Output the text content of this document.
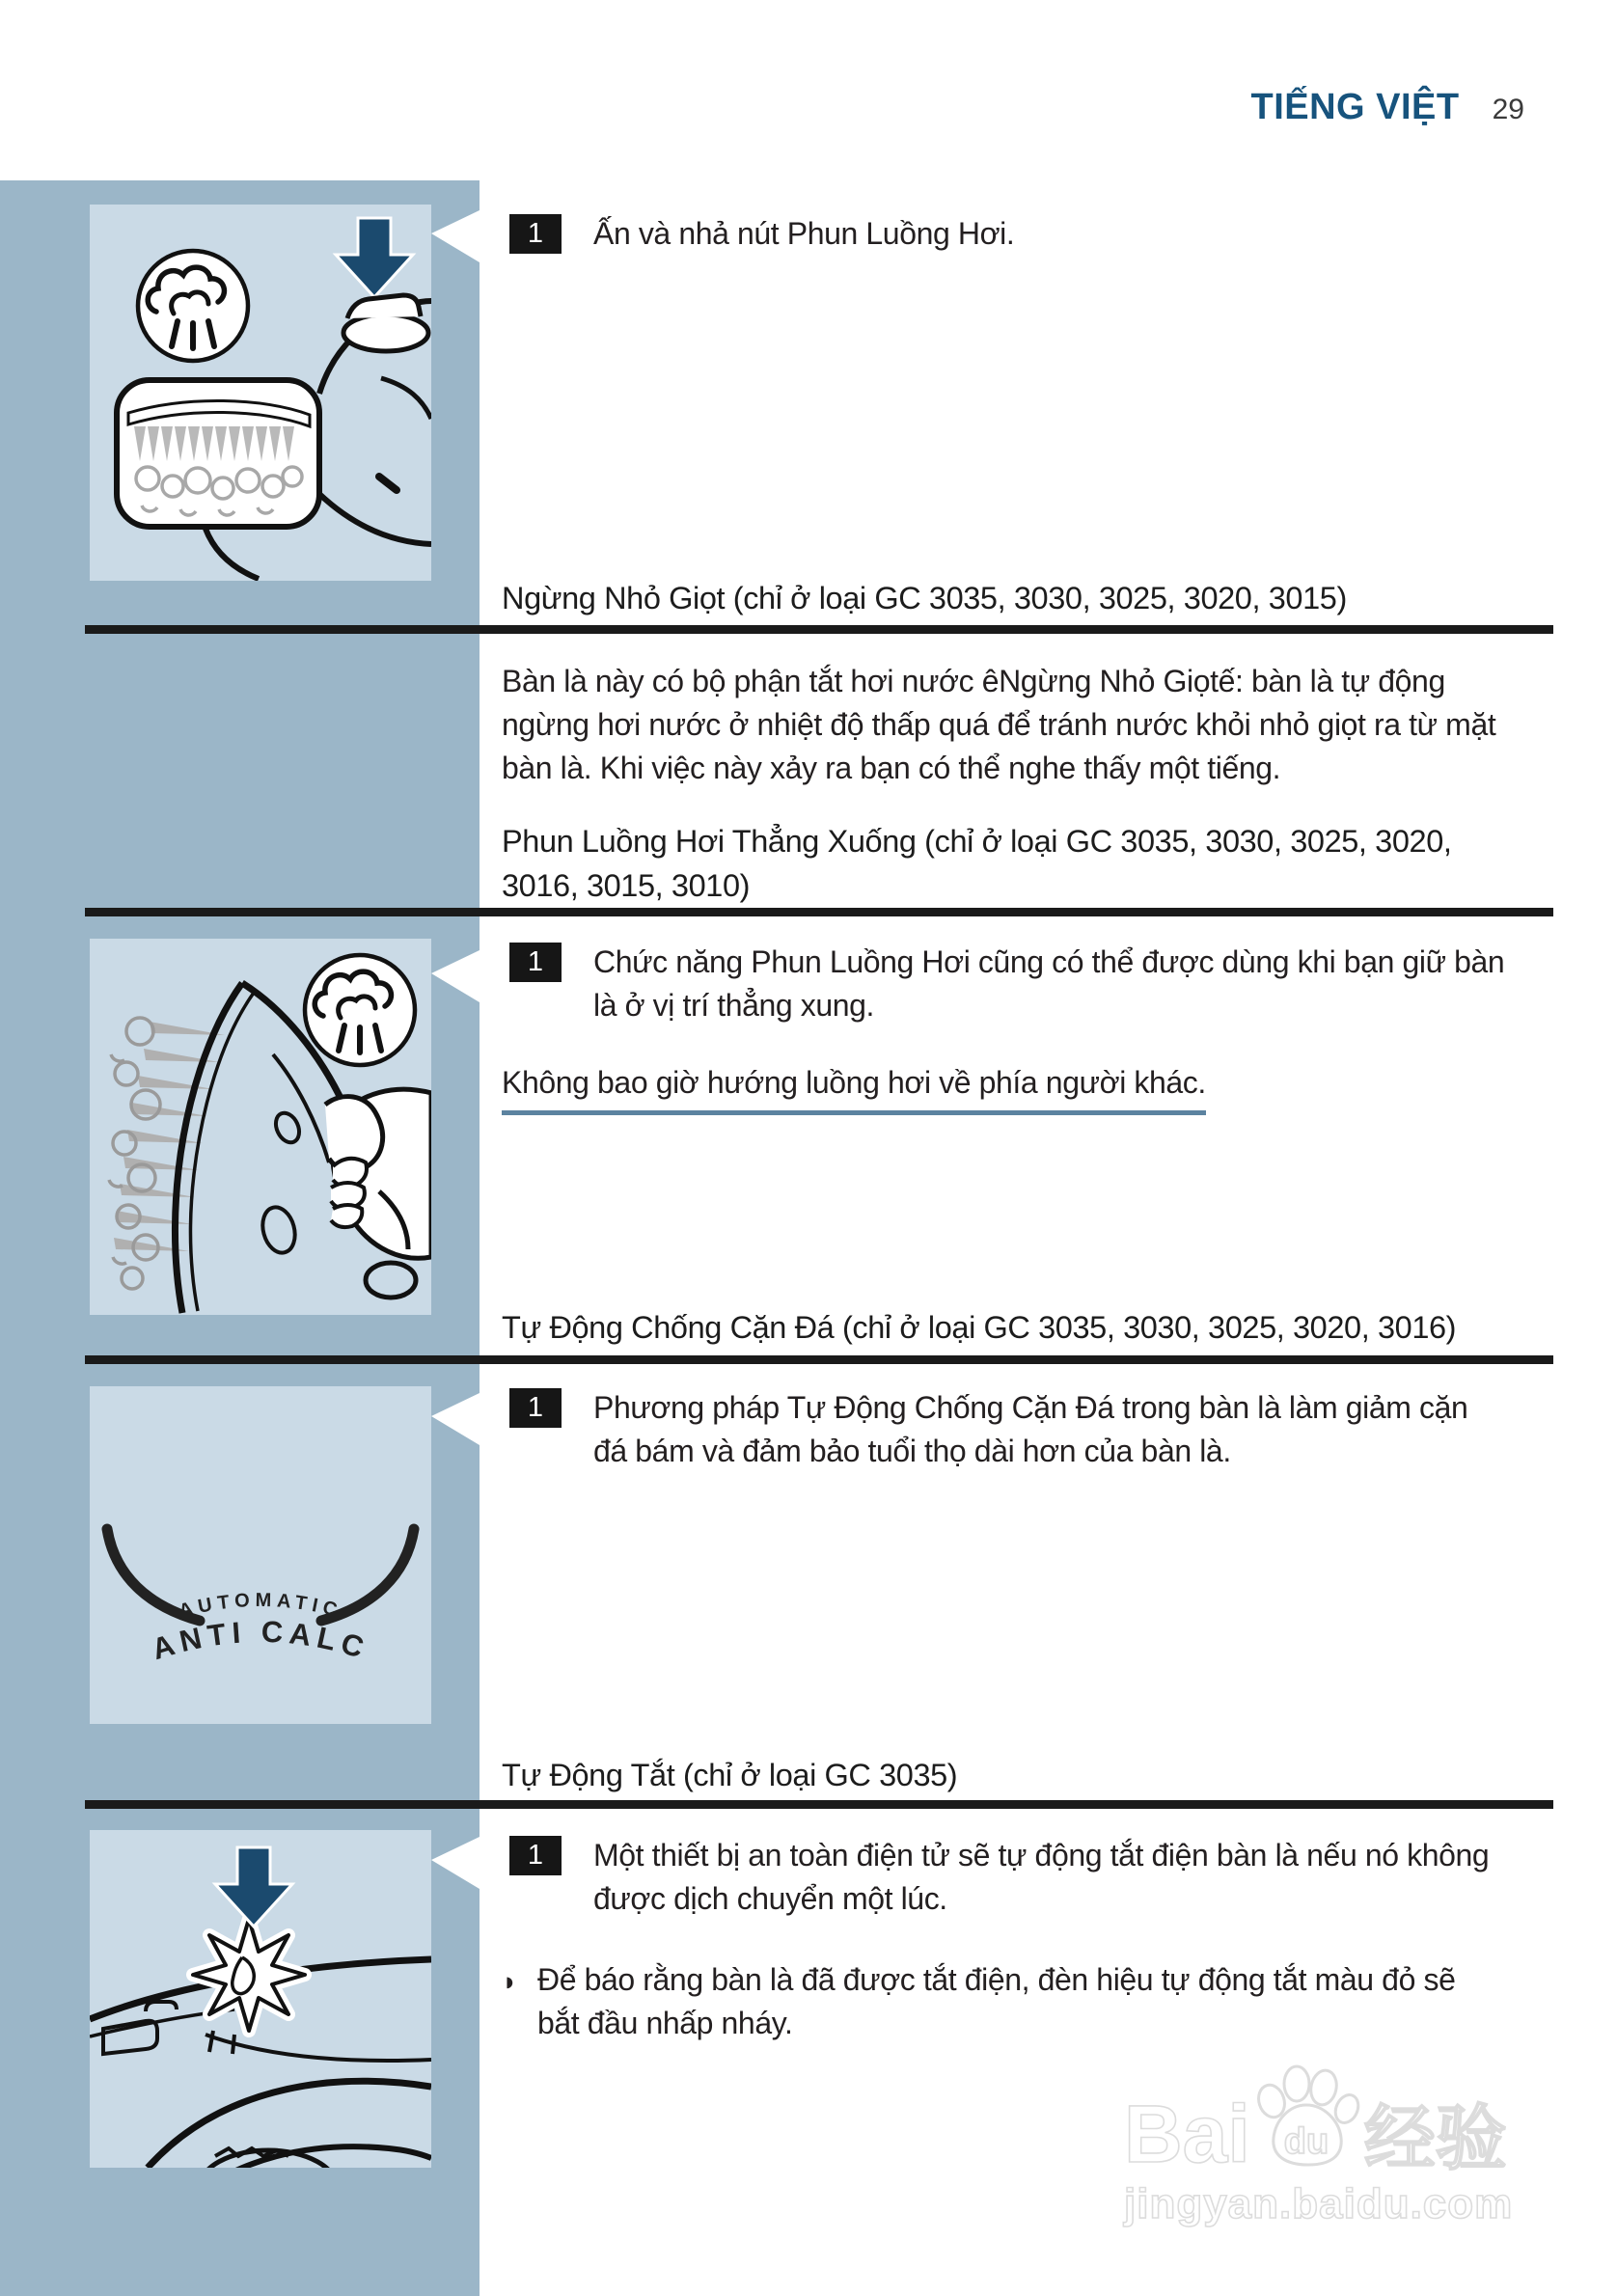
TIẾNG VIỆT 29
1 Ấn và nhả nút Phun Luồng Hơi.
Ngừng Nhỏ Giọt (chỉ ở loại GC 3035, 3030, 3025, 3020, 3015)
Bàn là này có bộ phận tắt hơi nước êNgừng Nhỏ Giọtế: bàn là tự động
ngừng hơi nước ở nhiệt độ thấp quá để tránh nước khỏi nhỏ giọt ra từ mặt
bàn là. Khi việc này xảy ra bạn có thể nghe thấy một tiếng.
Phun Luồng Hơi Thẳng Xuống (chỉ ở loại GC 3035, 3030, 3025, 3020,
3016, 3015, 3010)
1 Chức năng Phun Luồng Hơi cũng có thể được dùng khi bạn giữ bàn
là ở vị trí thẳng xung.
Không bao giờ hướng luồng hơi về phía người khác.
Tự Động Chống Cặn Đá (chỉ ở loại GC 3035, 3030, 3025, 3020, 3016)
AUTOMATIC
ANTI CALC
1 Phương pháp Tự Động Chống Cặn Đá trong bàn là làm giảm cặn
đá bám và đảm bảo tuổi thọ dài hơn của bàn là.
Tự Động Tắt (chỉ ở loại GC 3035)
1 Một thiết bị an toàn điện tử sẽ tự động tắt điện bàn là nếu nó không
được dịch chuyển một lúc.
◗ Để báo rằng bàn là đã được tắt điện, đèn hiệu tự động tắt màu đỏ sẽ
bắt đầu nhấp nháy.
Bai du 经验
jingyan.baidu.com
